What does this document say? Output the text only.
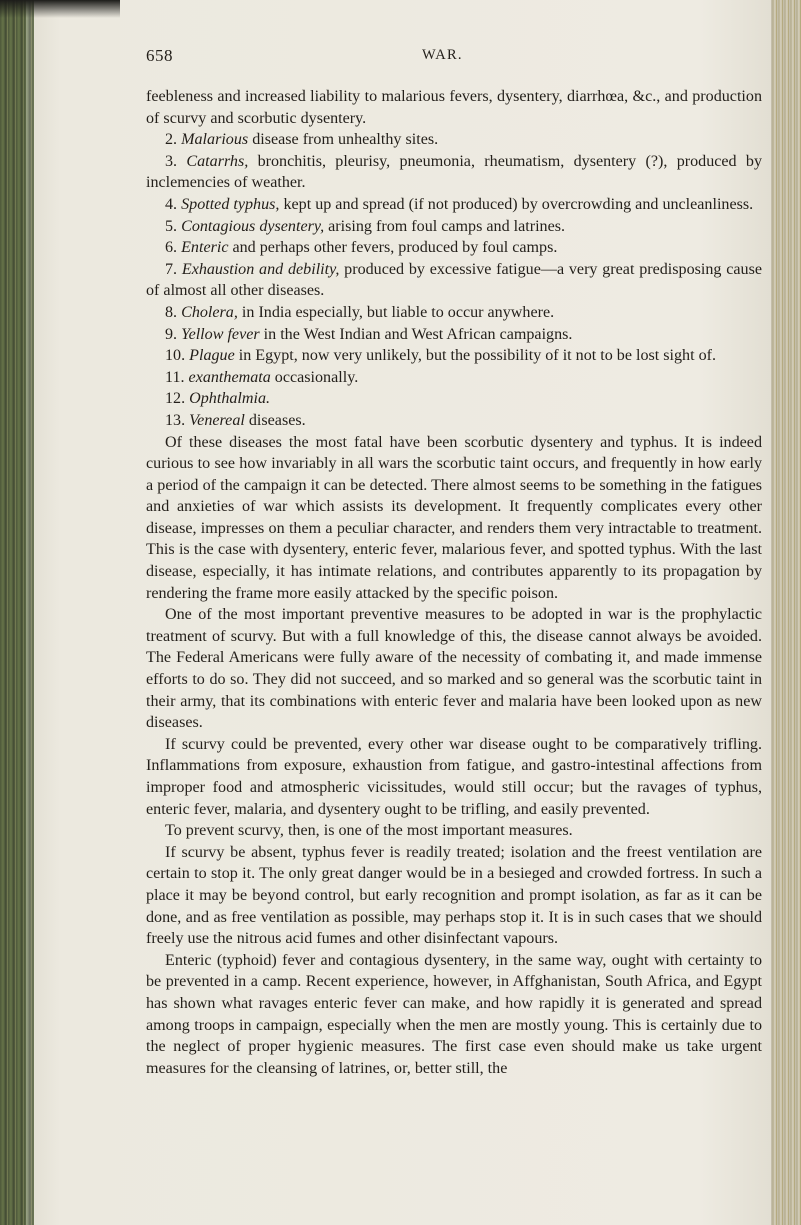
658	WAR.

feebleness and increased liability to malarious fevers, dysentery, diarrhœa, &c., and production of scurvy and scorbutic dysentery.

2. Malarious disease from unhealthy sites.

3. Catarrhs, bronchitis, pleurisy, pneumonia, rheumatism, dysentery (?), produced by inclemencies of weather.

4. Spotted typhus, kept up and spread (if not produced) by overcrowding and uncleanliness.

5. Contagious dysentery, arising from foul camps and latrines.

6. Enteric and perhaps other fevers, produced by foul camps.

7. Exhaustion and debility, produced by excessive fatigue—a very great predisposing cause of almost all other diseases.

8. Cholera, in India especially, but liable to occur anywhere.

9. Yellow fever in the West Indian and West African campaigns.

10. Plague in Egypt, now very unlikely, but the possibility of it not to be lost sight of.

11. exanthemata occasionally.

12. Ophthalmia.

13. Venereal diseases.

Of these diseases the most fatal have been scorbutic dysentery and typhus. It is indeed curious to see how invariably in all wars the scorbutic taint occurs, and frequently in how early a period of the campaign it can be detected. There almost seems to be something in the fatigues and anxieties of war which assists its development. It frequently complicates every other disease, impresses on them a peculiar character, and renders them very intractable to treatment. This is the case with dysentery, enteric fever, malarious fever, and spotted typhus. With the last disease, especially, it has intimate relations, and contributes apparently to its propagation by rendering the frame more easily attacked by the specific poison.

One of the most important preventive measures to be adopted in war is the prophylactic treatment of scurvy. But with a full knowledge of this, the disease cannot always be avoided. The Federal Americans were fully aware of the necessity of combating it, and made immense efforts to do so. They did not succeed, and so marked and so general was the scorbutic taint in their army, that its combinations with enteric fever and malaria have been looked upon as new diseases.

If scurvy could be prevented, every other war disease ought to be comparatively trifling. Inflammations from exposure, exhaustion from fatigue, and gastro-intestinal affections from improper food and atmospheric vicissitudes, would still occur; but the ravages of typhus, enteric fever, malaria, and dysentery ought to be trifling, and easily prevented.

To prevent scurvy, then, is one of the most important measures.

If scurvy be absent, typhus fever is readily treated; isolation and the freest ventilation are certain to stop it. The only great danger would be in a besieged and crowded fortress. In such a place it may be beyond control, but early recognition and prompt isolation, as far as it can be done, and as free ventilation as possible, may perhaps stop it. It is in such cases that we should freely use the nitrous acid fumes and other disinfectant vapours.

Enteric (typhoid) fever and contagious dysentery, in the same way, ought with certainty to be prevented in a camp. Recent experience, however, in Affghanistan, South Africa, and Egypt has shown what ravages enteric fever can make, and how rapidly it is generated and spread among troops in campaign, especially when the men are mostly young. This is certainly due to the neglect of proper hygienic measures. The first case even should make us take urgent measures for the cleansing of latrines, or, better still, the
